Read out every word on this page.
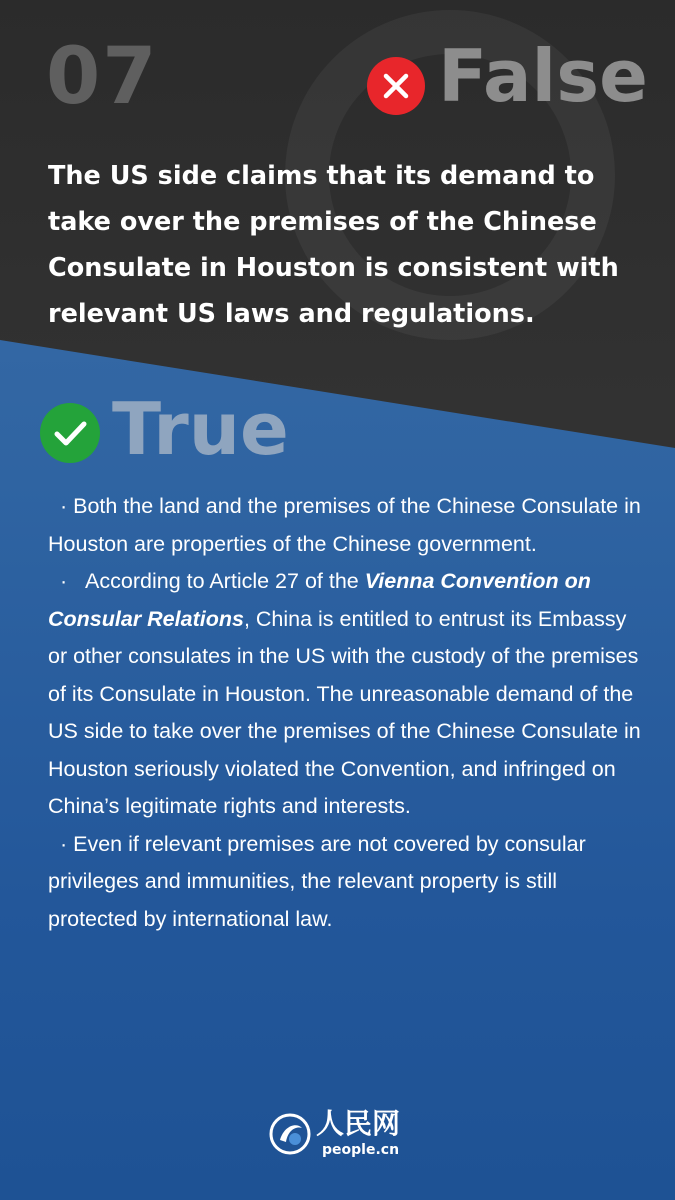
07	False
The US side claims that its demand to take over the premises of the Chinese Consulate in Houston is consistent with relevant US laws and regulations.
True

· Both the land and the premises of the Chinese Consulate in Houston are properties of the Chinese government.

· According to Article 27 of the Vienna Convention on Consular Relations, China is entitled to entrust its Embassy or other consulates in the US with the custody of the premises of its Consulate in Houston. The unreasonable demand of the US side to take over the premises of the Chinese Consulate in Houston seriously violated the Convention, and infringed on China’s legitimate rights and interests.

· Even if relevant premises are not covered by consular privileges and immunities, the relevant property is still protected by international law.

人民网
people.cn
